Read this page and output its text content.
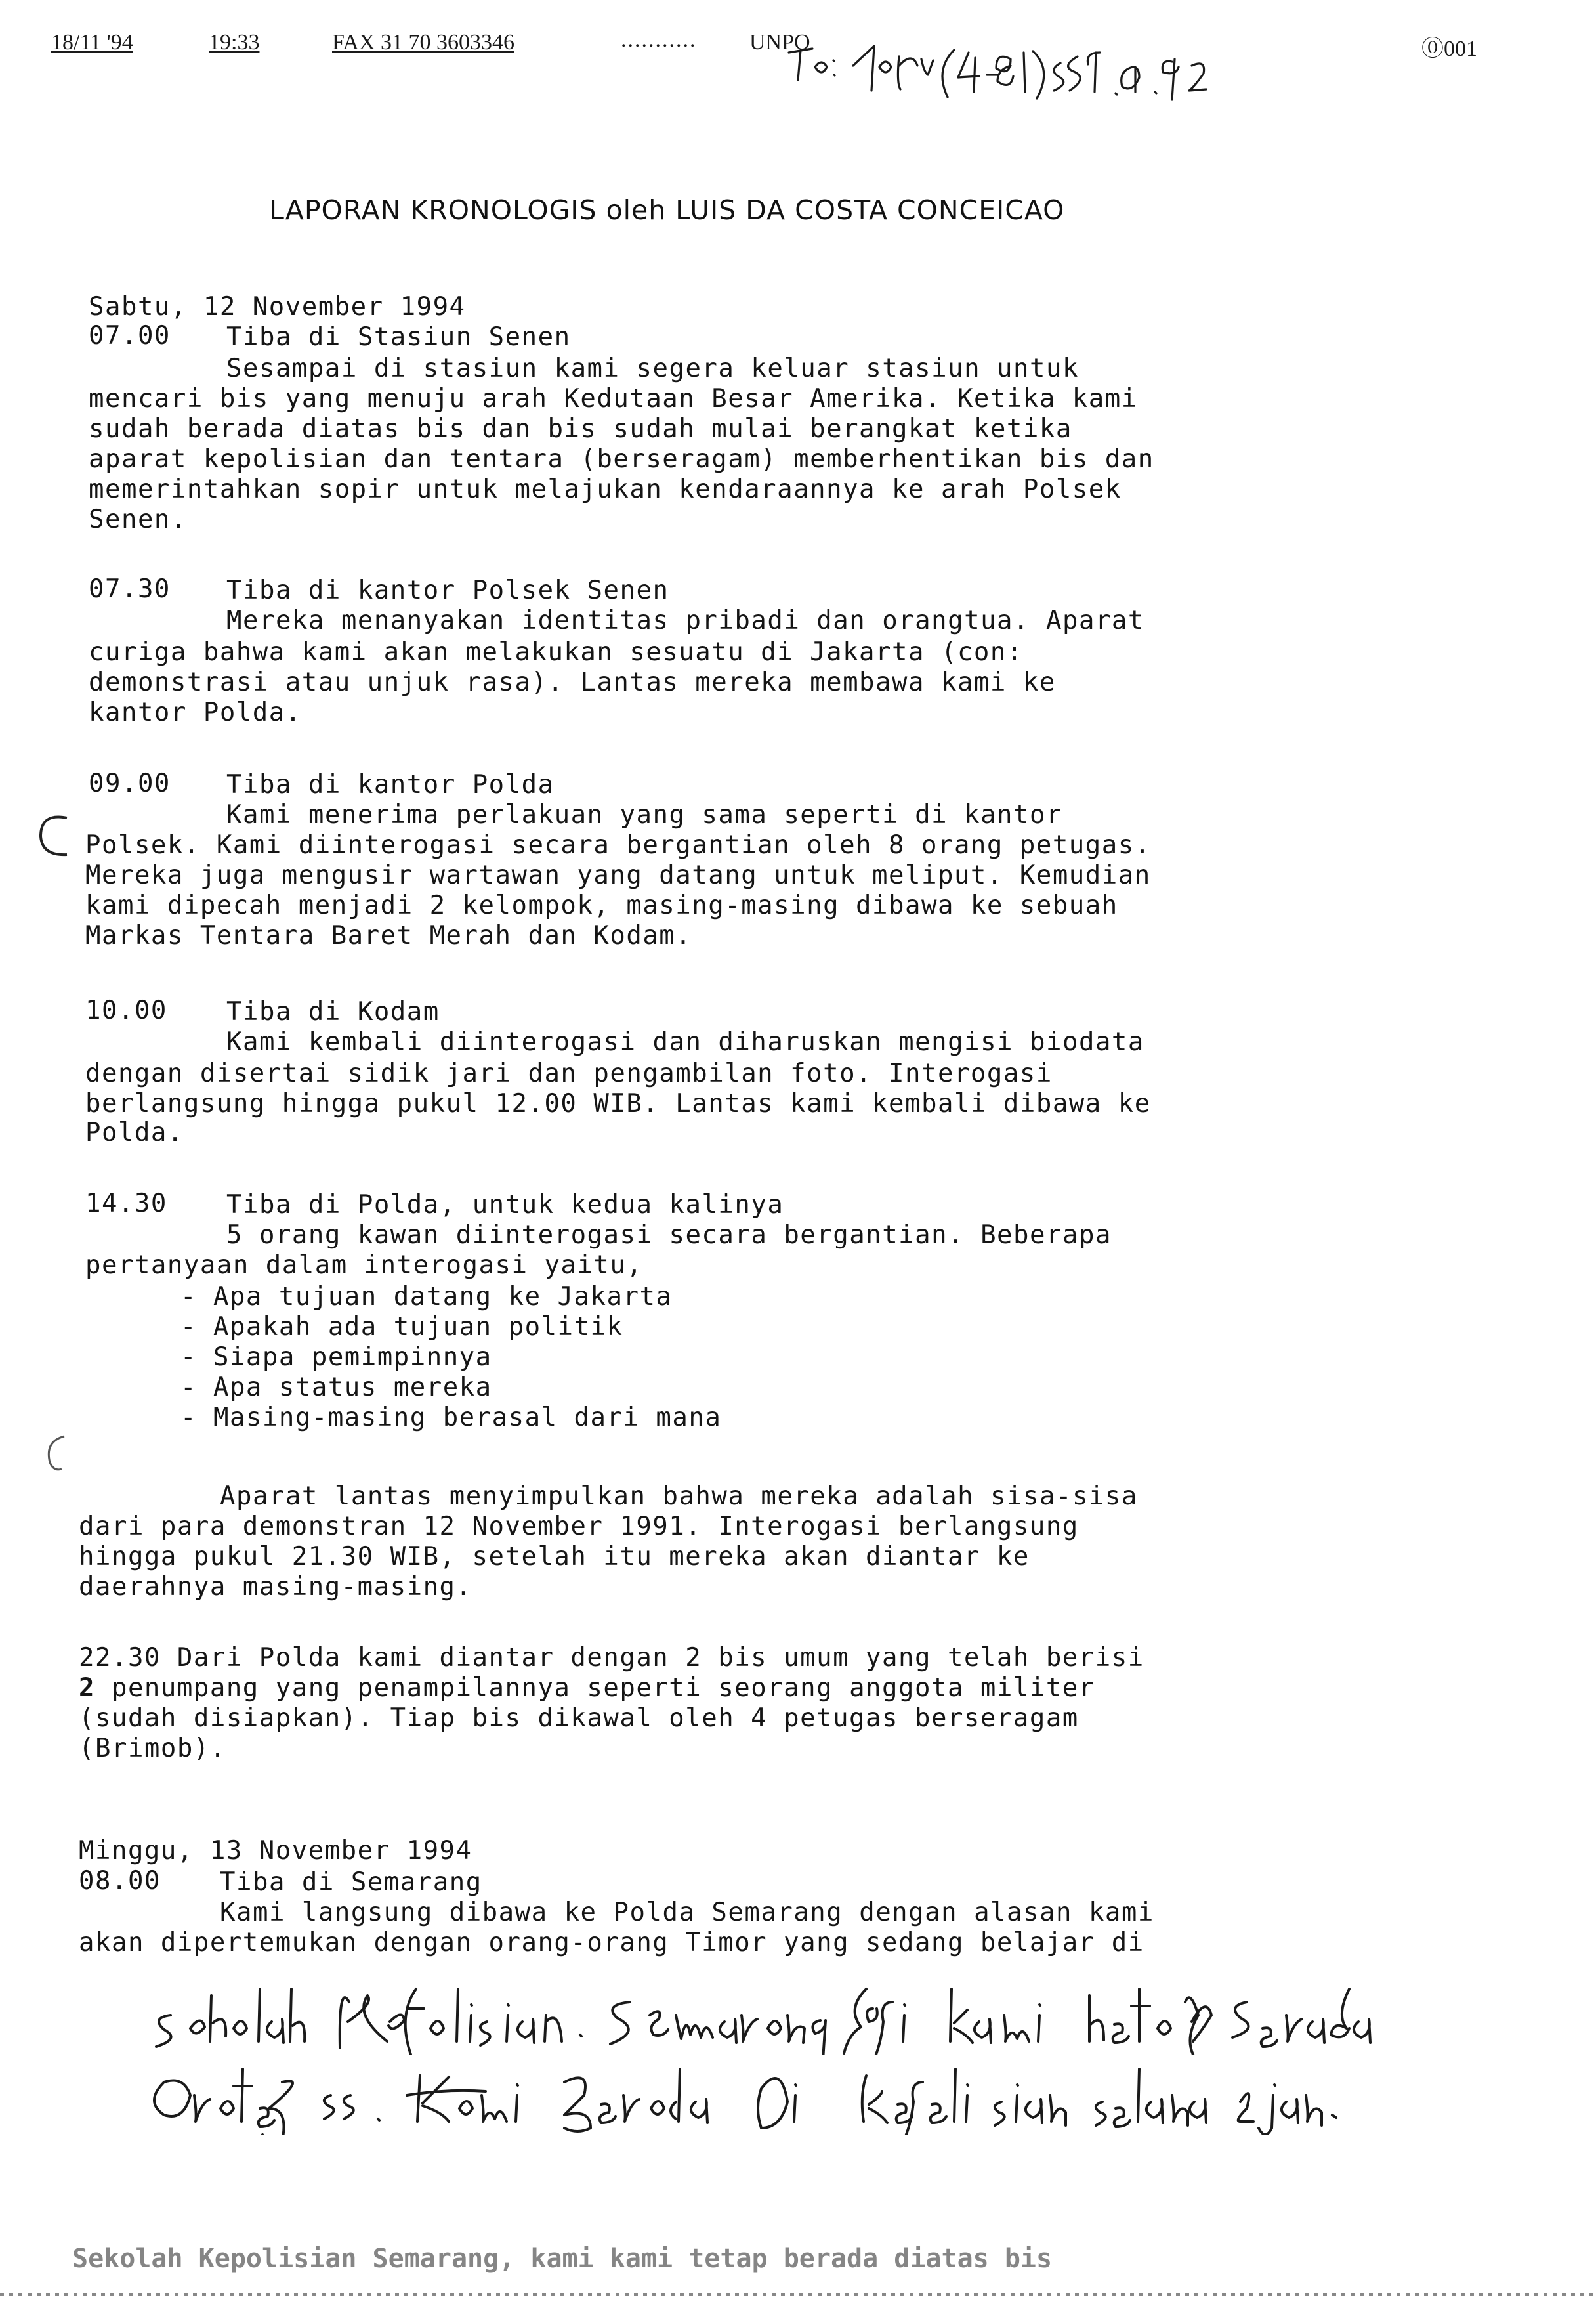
18/11 '94	19:33	FAX 31 70 3603346	........... UNPO	⓪001
LAPORAN KRONOLOGIS oleh LUIS DA COSTA CONCEICAO
Sabtu, 12 November 1994
07.00 Tiba di Stasiun Senen
Sesampai di stasiun kami segera keluar stasiun untuk
mencari bis yang menuju arah Kedutaan Besar Amerika. Ketika kami
sudah berada diatas bis dan bis sudah mulai berangkat ketika
aparat kepolisian dan tentara (berseragam) memberhentikan bis dan
memerintahkan sopir untuk melajukan kendaraannya ke arah Polsek
Senen.
07.30 Tiba di kantor Polsek Senen
Mereka menanyakan identitas pribadi dan orangtua. Aparat
curiga bahwa kami akan melakukan sesuatu di Jakarta (con:
demonstrasi atau unjuk rasa). Lantas mereka membawa kami ke
kantor Polda.
09.00 Tiba di kantor Polda
Kami menerima perlakuan yang sama seperti di kantor
Polsek. Kami diinterogasi secara bergantian oleh 8 orang petugas.
Mereka juga mengusir wartawan yang datang untuk meliput. Kemudian
kami dipecah menjadi 2 kelompok, masing-masing dibawa ke sebuah
Markas Tentara Baret Merah dan Kodam.
10.00 Tiba di Kodam
Kami kembali diinterogasi dan diharuskan mengisi biodata
dengan disertai sidik jari dan pengambilan foto. Interogasi
berlangsung hingga pukul 12.00 WIB. Lantas kami kembali dibawa ke
Polda.
14.30 Tiba di Polda, untuk kedua kalinya
5 orang kawan diinterogasi secara bergantian. Beberapa
pertanyaan dalam interogasi yaitu,
- Apa tujuan datang ke Jakarta
- Apakah ada tujuan politik
- Siapa pemimpinnya
- Apa status mereka
- Masing-masing berasal dari mana
Aparat lantas menyimpulkan bahwa mereka adalah sisa-sisa
dari para demonstran 12 November 1991. Interogasi berlangsung
hingga pukul 21.30 WIB, setelah itu mereka akan diantar ke
daerahnya masing-masing.
22.30 Dari Polda kami diantar dengan 2 bis umum yang telah berisi
2 penumpang yang penampilannya seperti seorang anggota militer
(sudah disiapkan). Tiap bis dikawal oleh 4 petugas berseragam
(Brimob).
Minggu, 13 November 1994
08.00 Tiba di Semarang
Kami langsung dibawa ke Polda Semarang dengan alasan kami
akan dipertemukan dengan orang-orang Timor yang sedang belajar di
Sekolah Kepolisian Semarang, kami kami tetap berada diatas bis
